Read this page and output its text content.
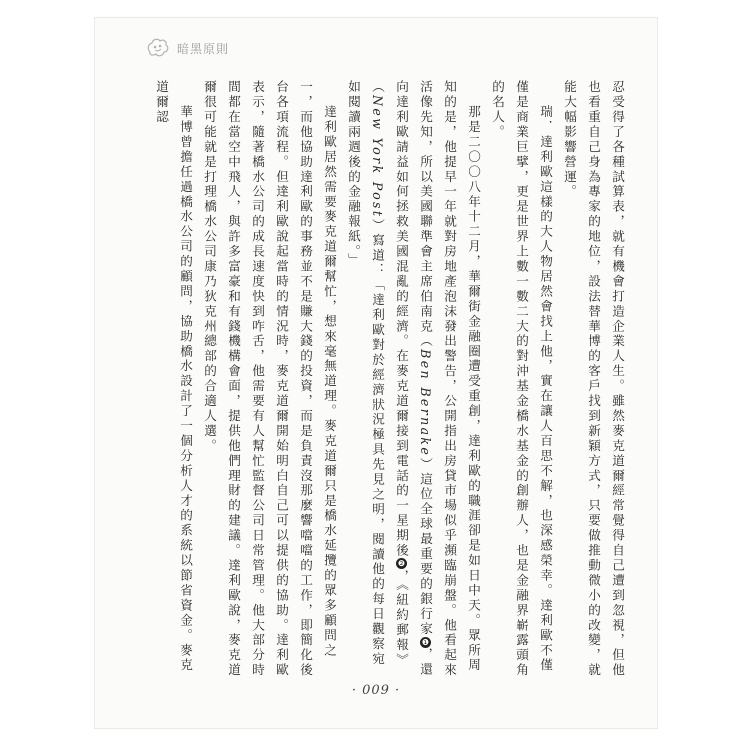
暗黑原則

忍受得了各種試算表，就有機會打造企業人生。雖然麥克道爾經常覺得自己遭到忽視，但他也看重自己身為專家的地位，設法替華博的客戶找到新穎方式，只要做推動微小的改變，就能大幅影響營運。

瑞．達利歐這樣的大人物居然會找上他，實在讓人百思不解，也深感榮幸。達利歐不僅僅是商業巨擘，更是世界上數一數二大的對沖基金橋水基金的創辦人，也是金融界嶄露頭角的名人。

那是二〇〇八年十二月，華爾街金融圈遭受重創，達利歐的職涯卻是如日中天。眾所周知的是，他提早一年就對房地產泡沫發出警告，公開指出房貸市場似乎瀕臨崩盤。他看起來活像先知，所以美國聯準會主席伯南克（Ben Bernake）這位全球最重要的銀行家❶，還向達利歐請益如何拯救美國混亂的經濟。在麥克道爾接到電話的一星期後❷，《紐約郵報》（New York Post）寫道：「達利歐對於經濟狀況極具先見之明，閱讀他的每日觀察宛如閱讀兩週後的金融報紙。」

達利歐居然需要麥克道爾幫忙，想來毫無道理。麥克道爾只是橋水延攬的眾多顧問之一，而他協助達利歐的事務並不是賺大錢的投資，而是負責沒那麼響噹噹的工作，即簡化後台各項流程。但達利歐說起當時的情況時，麥克道爾開始明白自己可以提供的協助。達利歐表示，隨著橋水公司的成長速度快到咋舌，他需要有人幫忙監督公司日常管理。他大部分時間都在當空中飛人，與許多富豪和有錢機構會面，提供他們理財的建議。達利歐說，麥克道爾很可能就是打理橋水公司康乃狄克州總部的合適人選。

華博曾擔任過橋水公司的顧問，協助橋水設計了一個分析人才的系統以節省資金。麥克道爾認

· 009 ·
